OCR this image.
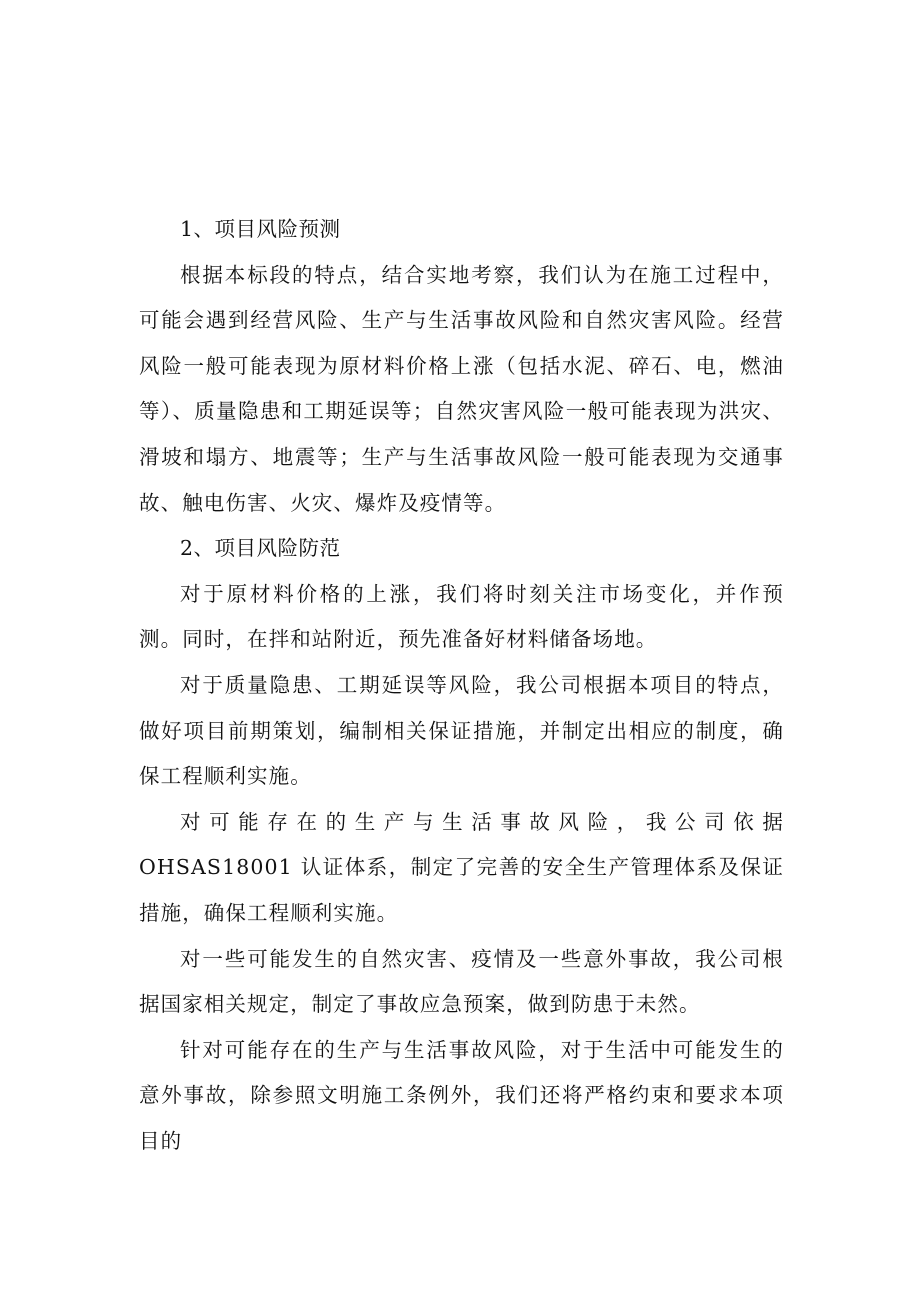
1、项目风险预测

根据本标段的特点，结合实地考察，我们认为在施工过程中，可能会遇到经营风险、生产与生活事故风险和自然灾害风险。经营风险一般可能表现为原材料价格上涨（包括水泥、碎石、电，燃油等）、质量隐患和工期延误等；自然灾害风险一般可能表现为洪灾、滑坡和塌方、地震等；生产与生活事故风险一般可能表现为交通事故、触电伤害、火灾、爆炸及疫情等。

2、项目风险防范

对于原材料价格的上涨，我们将时刻关注市场变化，并作预测。同时，在拌和站附近，预先准备好材料储备场地。

对于质量隐患、工期延误等风险，我公司根据本项目的特点，做好项目前期策划，编制相关保证措施，并制定出相应的制度，确保工程顺利实施。

对可能存在的生产与生活事故风险，我公司依据 OHSAS18001 认证体系，制定了完善的安全生产管理体系及保证措施，确保工程顺利实施。

对一些可能发生的自然灾害、疫情及一些意外事故，我公司根据国家相关规定，制定了事故应急预案，做到防患于未然。

针对可能存在的生产与生活事故风险，对于生活中可能发生的意外事故，除参照文明施工条例外，我们还将严格约束和要求本项目的
